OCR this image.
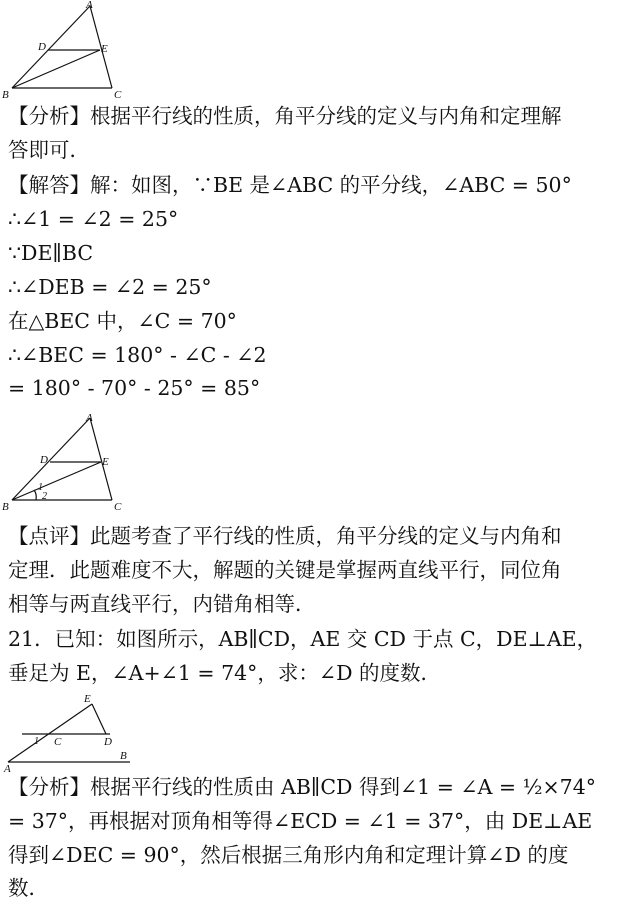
A
B	C
D	E
【分析】根据平行线的性质，角平分线的定义与内角和定理解
答即可．
【解答】解：如图，∵BE 是∠ABC 的平分线，∠ABC = 50°
∴∠1 = ∠2 = 25°
∵DE∥BC
∴∠DEB = ∠2 = 25°
在△BEC 中，∠C = 70°
∴∠BEC = 180° - ∠C - ∠2
= 180° - 70° - 25° = 85°
A
B	C
D	E
1
2
【点评】此题考查了平行线的性质，角平分线的定义与内角和
定理．此题难度不大，解题的关键是掌握两直线平行，同位角
相等与两直线平行，内错角相等．
21．已知：如图所示，AB∥CD，AE 交 CD 于点 C，DE⊥AE，
垂足为 E，∠A+∠1 = 74°，求：∠D 的度数．
A
B
C	D
E
1
【分析】根据平行线的性质由 AB∥CD 得到∠1 = ∠A = ½×74°
= 37°，再根据对顶角相等得∠ECD = ∠1 = 37°，由 DE⊥AE
得到∠DEC = 90°，然后根据三角形内角和定理计算∠D 的度
数．
